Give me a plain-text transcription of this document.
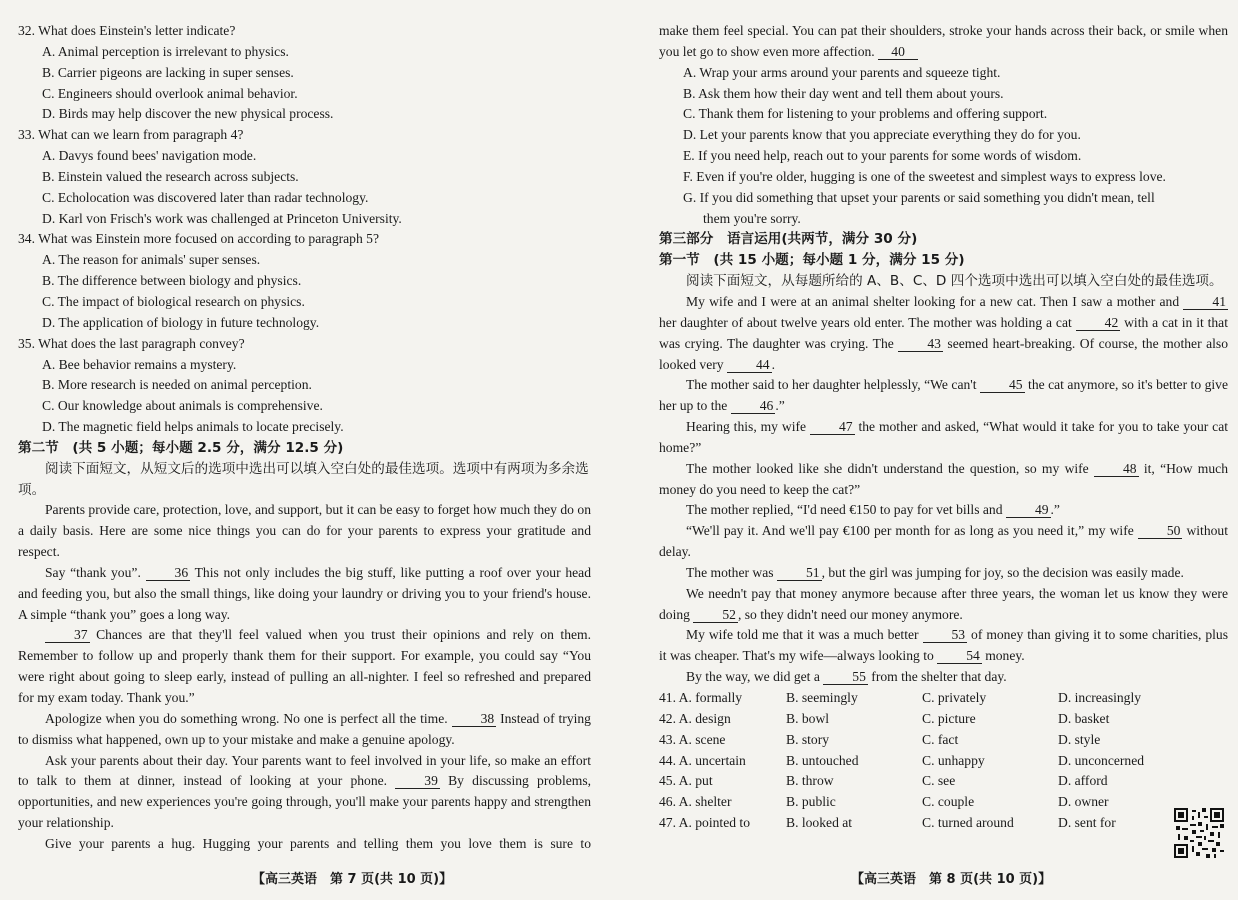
32. What does Einstein's letter indicate?
A. Animal perception is irrelevant to physics.
B. Carrier pigeons are lacking in super senses.
C. Engineers should overlook animal behavior.
D. Birds may help discover the new physical process.
33. What can we learn from paragraph 4?
A. Davys found bees' navigation mode.
B. Einstein valued the research across subjects.
C. Echolocation was discovered later than radar technology.
D. Karl von Frisch's work was challenged at Princeton University.
34. What was Einstein more focused on according to paragraph 5?
A. The reason for animals' super senses.
B. The difference between biology and physics.
C. The impact of biological research on physics.
D. The application of biology in future technology.
35. What does the last paragraph convey?
A. Bee behavior remains a mystery.
B. More research is needed on animal perception.
C. Our knowledge about animals is comprehensive.
D. The magnetic field helps animals to locate precisely.
第二节　(共 5 小题；每小题 2.5 分，满分 12.5 分)
阅读下面短文，从短文后的选项中选出可以填入空白处的最佳选项。选项中有两项为多余选项。
Parents provide care, protection, love, and support, but it can be easy to forget how much they do on a daily basis. Here are some nice things you can do for your parents to express your gratitude and respect.
Say “thank you”. 36 This not only includes the big stuff, like putting a roof over your head and feeding you, but also the small things, like doing your laundry or driving you to your friend's house. A simple “thank you” goes a long way.
37 Chances are that they'll feel valued when you trust their opinions and rely on them. Remember to follow up and properly thank them for their support. For example, you could say “You were right about going to sleep early, instead of pulling an all-nighter. I feel so refreshed and prepared for my exam today. Thank you.”
Apologize when you do something wrong. No one is perfect all the time. 38 Instead of trying to dismiss what happened, own up to your mistake and make a genuine apology.
Ask your parents about their day. Your parents want to feel involved in your life, so make an effort to talk to them at dinner, instead of looking at your phone.	39 By discussing problems, opportunities, and new experiences you're going through, you'll make your parents happy and strengthen your relationship.
Give your parents a hug. Hugging your parents and telling them you love them is sure to
【高三英语　第 7 页(共 10 页)】
make them feel special. You can pat their shoulders, stroke your hands across their back, or smile when you let go to show even more affection. 40
A. Wrap your arms around your parents and squeeze tight.
B. Ask them how their day went and tell them about yours.
C. Thank them for listening to your problems and offering support.
D. Let your parents know that you appreciate everything they do for you.
E. If you need help, reach out to your parents for some words of wisdom.
F. Even if you're older, hugging is one of the sweetest and simplest ways to express love.
G. If you did something that upset your parents or said something you didn't mean, tell
them you're sorry.
第三部分　语言运用(共两节，满分 30 分)
第一节　(共 15 小题；每小题 1 分，满分 15 分)
阅读下面短文，从每题所给的 A、B、C、D 四个选项中选出可以填入空白处的最佳选项。
My wife and I were at an animal shelter looking for a new cat. Then I saw a mother and 41 her daughter of about twelve years old enter. The mother was holding a cat 42 with a cat in it that was crying. The daughter was crying. The 43 seemed heart-breaking. Of course, the mother also looked very 44 .
The mother said to her daughter helplessly, “We can't 45 the cat anymore, so it's better to give her up to the 46 .”
Hearing this, my wife 47 the mother and asked, “What would it take for you to take your cat home?”
The mother looked like she didn't understand the question, so my wife	48 it, “How much money do you need to keep the cat?”
The mother replied, “I'd need €150 to pay for vet bills and 49 .”
“We'll pay it. And we'll pay €100 per month for as long as you need it,” my wife 50 without delay.
The mother was 51 , but the girl was jumping for joy, so the decision was easily made.
We needn't pay that money anymore because after three years, the woman let us know they were doing 52 , so they didn't need our money anymore.
My wife told me that it was a much better 53 of money than giving it to some charities, plus it was cheaper. That's my wife—always looking to 54 money.
By the way, we did get a 55 from the shelter that day.
41. A. formally	B. seemingly	C. privately	D. increasingly
42. A. design	B. bowl	C. picture	D. basket
43. A. scene	B. story	C. fact	D. style
44. A. uncertain	B. untouched	C. unhappy	D. unconcerned
45. A. put	B. throw	C. see	D. afford
46. A. shelter	B. public	C. couple	D. owner
47. A. pointed to	B. looked at	C. turned around	D. sent for
【高三英语　第 8 页(共 10 页)】
